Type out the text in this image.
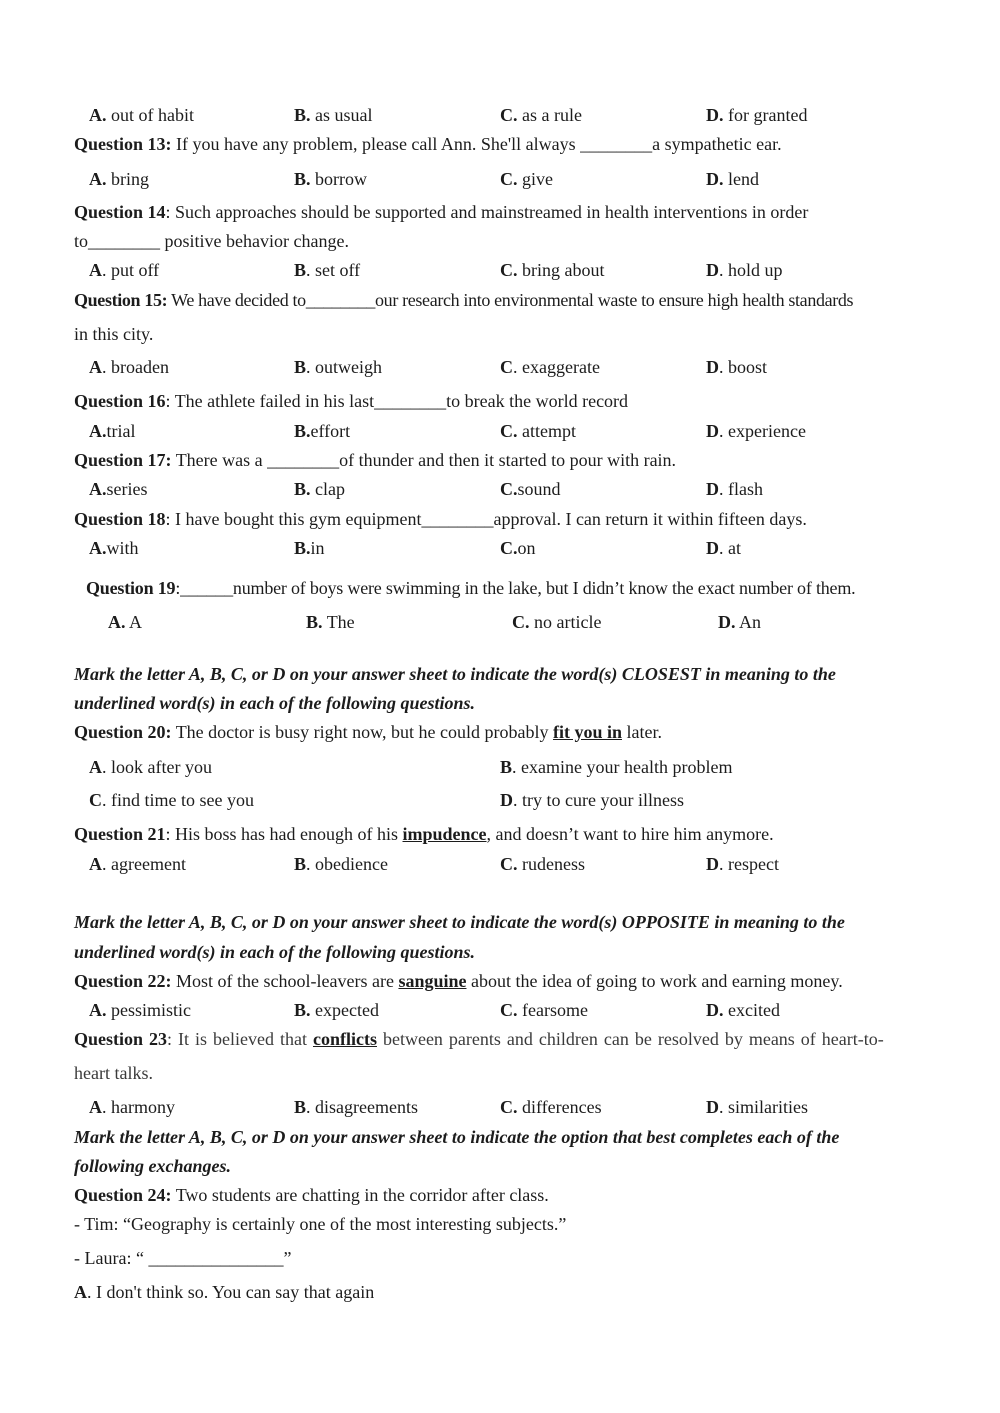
A. out of habit	B. as usual	C. as a rule	D. for granted
Question 13: If you have any problem, please call Ann. She'll always ________a sympathetic ear.
A. bring	B. borrow	C. give	D. lend
Question 14: Such approaches should be supported and mainstreamed in health interventions in order
to________ positive behavior change.
A. put off	B. set off	C. bring about	D. hold up
Question 15: We have decided to________our research into environmental waste to ensure high health standards
in this city.
A. broaden	B. outweigh	C. exaggerate	D. boost
Question 16: The athlete failed in his last________to break the world record
A.trial	B.effort	C. attempt	D. experience
Question 17: There was a ________of thunder and then it started to pour with rain.
A.series	B. clap	C.sound	D. flash
Question 18: I have bought this gym equipment________approval. I can return it within fifteen days.
A.with	B.in	C.on	D. at
Question 19:______number of boys were swimming in the lake, but I didn’t know the exact number of them.
A. A	B. The	C. no article	D. An
Mark the letter A, B, C, or D on your answer sheet to indicate the word(s) CLOSEST in meaning to the
underlined word(s) in each of the following questions.
Question 20: The doctor is busy right now, but he could probably fit you in later.
A. look after you	B. examine your health problem
C. find time to see you	D. try to cure your illness
Question 21: His boss has had enough of his impudence, and doesn’t want to hire him anymore.
A. agreement	B. obedience	C. rudeness	D. respect
Mark the letter A, B, C, or D on your answer sheet to indicate the word(s) OPPOSITE in meaning to the
underlined word(s) in each of the following questions.
Question 22: Most of the school-leavers are sanguine about the idea of going to work and earning money.
A. pessimistic	B. expected	C. fearsome	D. excited
Question 23: It is believed that conflicts between parents and children can be resolved by means of heart-to-
heart talks.
A. harmony	B. disagreements	C. differences	D. similarities
Mark the letter A, B, C, or D on your answer sheet to indicate the option that best completes each of the
following exchanges.
Question 24: Two students are chatting in the corridor after class.
- Tim: “Geography is certainly one of the most interesting subjects.”
- Laura: “ _______________”
A. I don't think so. You can say that again
